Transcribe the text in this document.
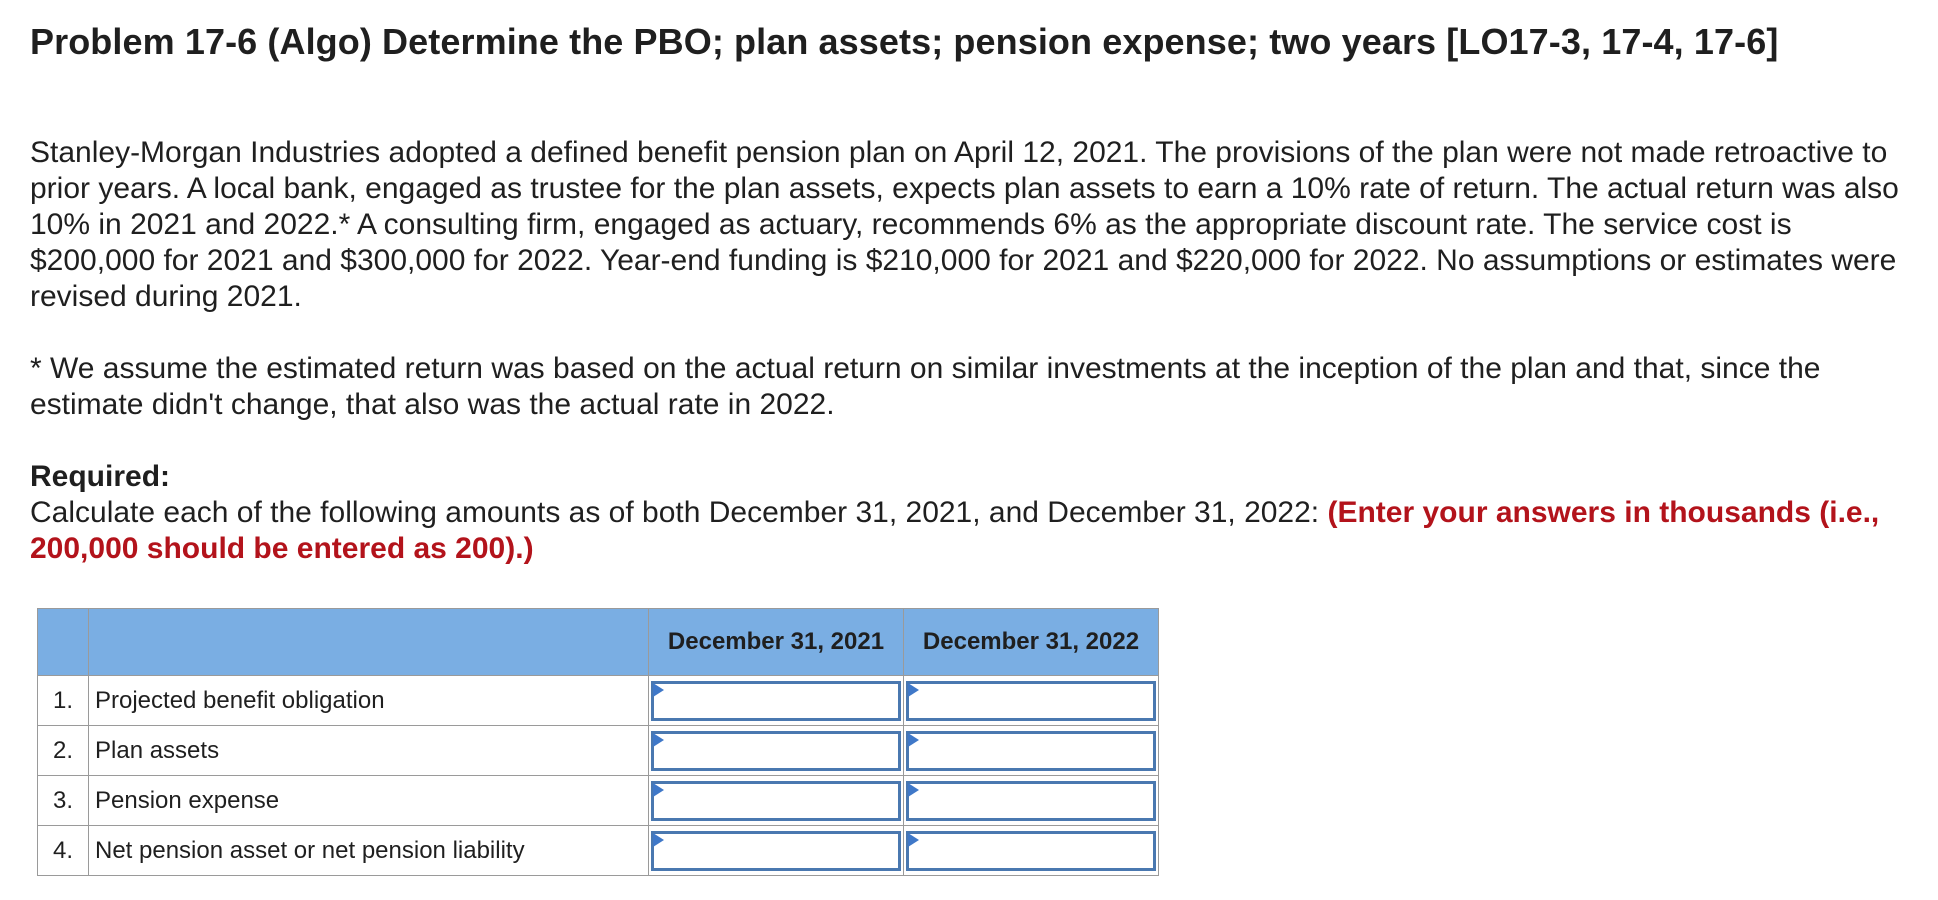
Problem 17-6 (Algo) Determine the PBO; plan assets; pension expense; two years [LO17-3, 17-4, 17-6]
Stanley-Morgan Industries adopted a defined benefit pension plan on April 12, 2021. The provisions of the plan were not made retroactive to prior years. A local bank, engaged as trustee for the plan assets, expects plan assets to earn a 10% rate of return. The actual return was also 10% in 2021 and 2022.* A consulting firm, engaged as actuary, recommends 6% as the appropriate discount rate. The service cost is $200,000 for 2021 and $300,000 for 2022. Year-end funding is $210,000 for 2021 and $220,000 for 2022. No assumptions or estimates were revised during 2021.
* We assume the estimated return was based on the actual return on similar investments at the inception of the plan and that, since the estimate didn't change, that also was the actual rate in 2022.
Required:
Calculate each of the following amounts as of both December 31, 2021, and December 31, 2022: (Enter your answers in thousands (i.e., 200,000 should be entered as 200).)
		December 31, 2021	December 31, 2022
1.	Projected benefit obligation	

2.	Plan assets	

3.	Pension expense	

4.	Net pension asset or net pension liability	
